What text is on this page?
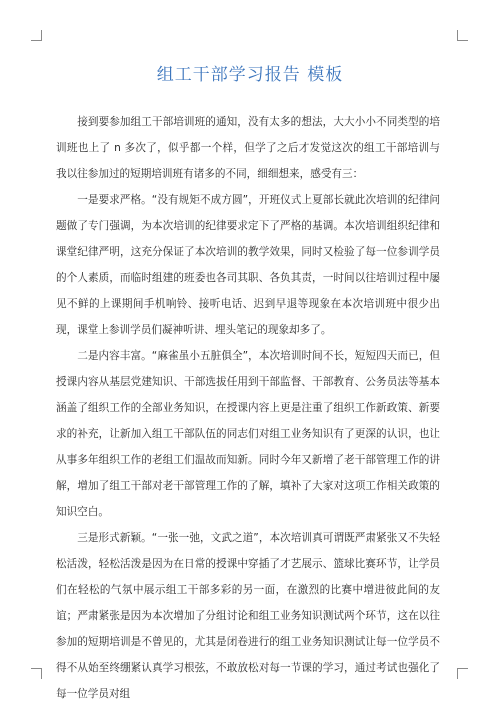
组工干部学习报告 模板

接到要参加组工干部培训班的通知，没有太多的想法，大大小小不同类型的培训班也上了 n 多次了，似乎都一个样，但学了之后才发觉这次的组工干部培训与我以往参加过的短期培训班有诸多的不同，细细想来，感受有三：

一是要求严格。“没有规矩不成方圆”，开班仪式上夏部长就此次培训的纪律问题做了专门强调，为本次培训的纪律要求定下了严格的基调。本次培训组织纪律和课堂纪律严明，这充分保证了本次培训的教学效果，同时又检验了每一位参训学员的个人素质，而临时组建的班委也各司其职、各负其责，一时间以往培训过程中屡见不鲜的上课期间手机响铃、接听电话、迟到早退等现象在本次培训班中很少出现，课堂上参训学员们凝神听讲、埋头笔记的现象却多了。

二是内容丰富。“麻雀虽小五脏俱全”，本次培训时间不长，短短四天而已，但授课内容从基层党建知识、干部选拔任用到干部监督、干部教育、公务员法等基本涵盖了组织工作的全部业务知识，在授课内容上更是注重了组织工作新政策、新要求的补充，让新加入组工干部队伍的同志们对组工业务知识有了更深的认识，也让从事多年组织工作的老组工们温故而知新。同时今年又新增了老干部管理工作的讲解，增加了组工干部对老干部管理工作的了解，填补了大家对这项工作相关政策的知识空白。

三是形式新颖。“一张一弛，文武之道”，本次培训真可谓既严肃紧张又不失轻松活泼，轻松活泼是因为在日常的授课中穿插了才艺展示、篮球比赛环节，让学员们在轻松的气氛中展示组工干部多彩的另一面，在激烈的比赛中增进彼此间的友谊；严肃紧张是因为本次增加了分组讨论和组工业务知识测试两个环节，这在以往参加的短期培训是不曾见的，尤其是闭卷进行的组工业务知识测试让每一位学员不得不从始至终绷紧认真学习根弦，不敢放松对每一节课的学习，通过考试也强化了每一位学员对组
